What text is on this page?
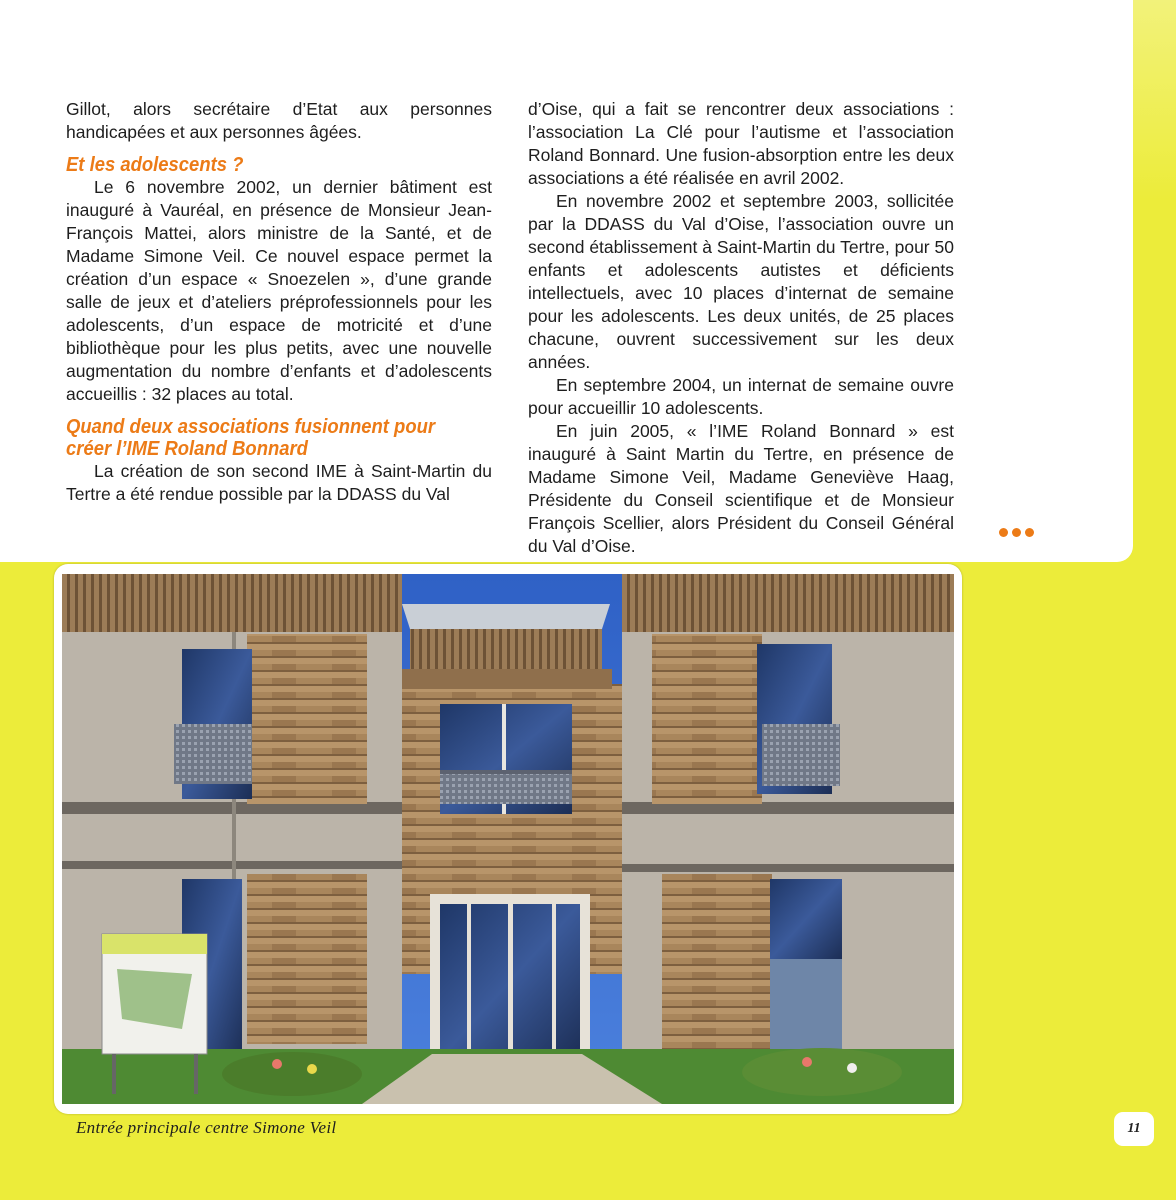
Gillot, alors secrétaire d’Etat aux personnes handicapées et aux personnes âgées.

Et les adolescents ?

Le 6 novembre 2002, un dernier bâtiment est inauguré à Vauréal, en présence de Monsieur Jean-François Mattei, alors ministre de la Santé, et de Madame Simone Veil. Ce nouvel espace permet la création d’un espace « Snoezelen », d’une grande salle de jeux et d’ateliers préprofessionnels pour les adolescents, d’un espace de motricité et d’une bibliothèque pour les plus petits, avec une nouvelle augmentation du nombre d’enfants et d’adolescents accueillis : 32 places au total.

Quand deux associations fusionnent pour
créer l’IME Roland Bonnard

La création de son second IME à Saint-Martin du Tertre a été rendue possible par la DDASS du Val

d’Oise, qui a fait se rencontrer deux associations : l’association La Clé pour l’autisme et l’association Roland Bonnard. Une fusion-absorption entre les deux associations a été réalisée en avril 2002.

En novembre 2002 et septembre 2003, sollicitée par la DDASS du Val d’Oise, l’association ouvre un second établissement à Saint-Martin du Tertre, pour 50 enfants et adolescents autistes et déficients intellectuels, avec 10 places d’internat de semaine pour les adolescents. Les deux unités, de 25 places chacune, ouvrent successivement sur les deux années.

En septembre 2004, un internat de semaine ouvre pour accueillir 10 adolescents.

En juin 2005, « l’IME Roland Bonnard » est inauguré à Saint Martin du Tertre, en présence de Madame Simone Veil, Madame Geneviève Haag, Présidente du Conseil scientifique et de Monsieur François Scellier, alors Président du Conseil Général du Val d’Oise.

Entrée principale centre Simone Veil	11
